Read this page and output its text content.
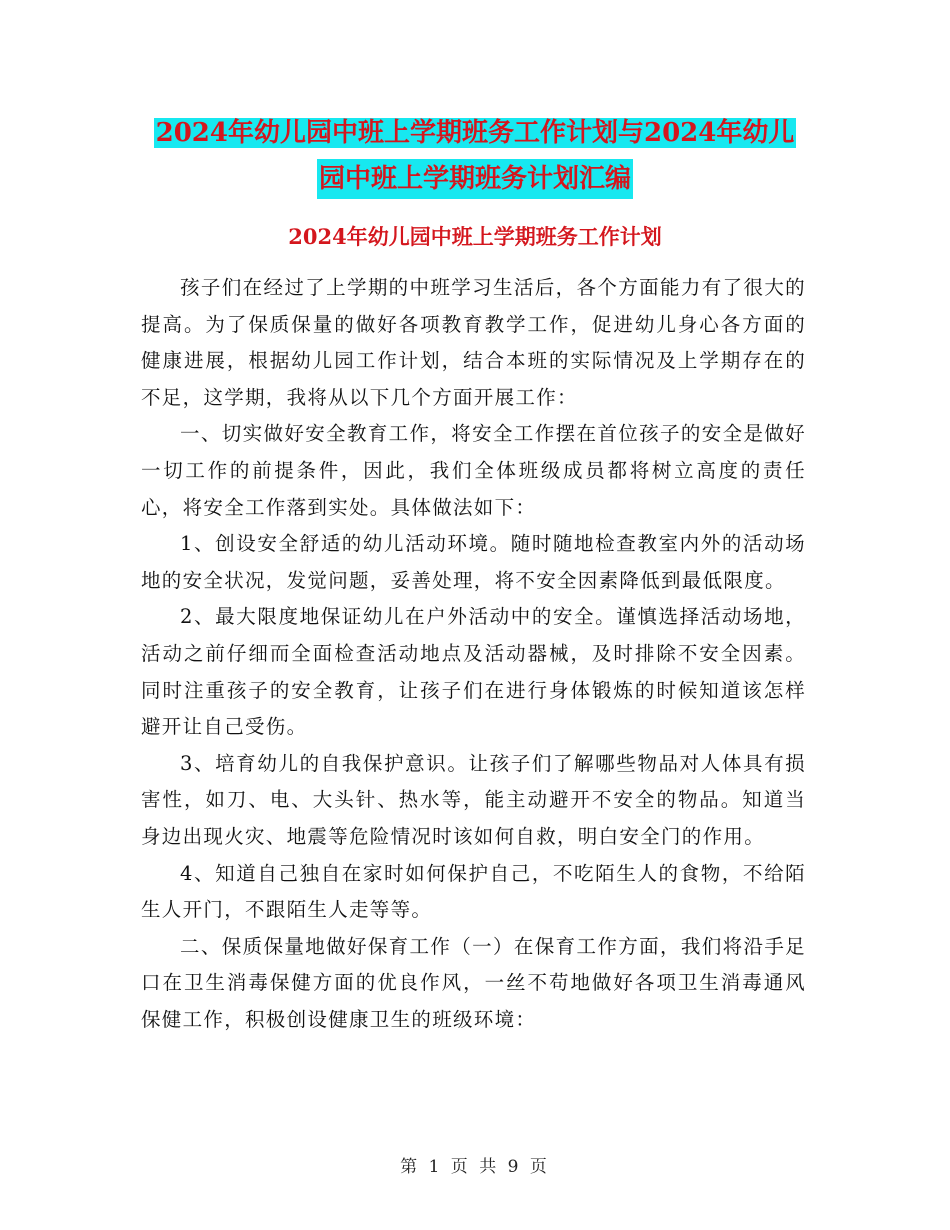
2024年幼儿园中班上学期班务工作计划与2024年幼儿
园中班上学期班务计划汇编
2024年幼儿园中班上学期班务工作计划

孩子们在经过了上学期的中班学习生活后，各个方面能力有了很大的提高。为了保质保量的做好各项教育教学工作，促进幼儿身心各方面的健康进展，根据幼儿园工作计划，结合本班的实际情况及上学期存在的不足，这学期，我将从以下几个方面开展工作：

一、切实做好安全教育工作，将安全工作摆在首位孩子的安全是做好一切工作的前提条件，因此，我们全体班级成员都将树立高度的责任心，将安全工作落到实处。具体做法如下：

1、创设安全舒适的幼儿活动环境。随时随地检查教室内外的活动场地的安全状况，发觉问题，妥善处理，将不安全因素降低到最低限度。

2、最大限度地保证幼儿在户外活动中的安全。谨慎选择活动场地，活动之前仔细而全面检查活动地点及活动器械，及时排除不安全因素。同时注重孩子的安全教育，让孩子们在进行身体锻炼的时候知道该怎样避开让自己受伤。

3、培育幼儿的自我保护意识。让孩子们了解哪些物品对人体具有损害性，如刀、电、大头针、热水等，能主动避开不安全的物品。知道当身边出现火灾、地震等危险情况时该如何自救，明白安全门的作用。

4、知道自己独自在家时如何保护自己，不吃陌生人的食物，不给陌生人开门，不跟陌生人走等等。

二、保质保量地做好保育工作（一）在保育工作方面，我们将沿手足口在卫生消毒保健方面的优良作风，一丝不苟地做好各项卫生消毒通风保健工作，积极创设健康卫生的班级环境：

第 1 页 共 9 页
